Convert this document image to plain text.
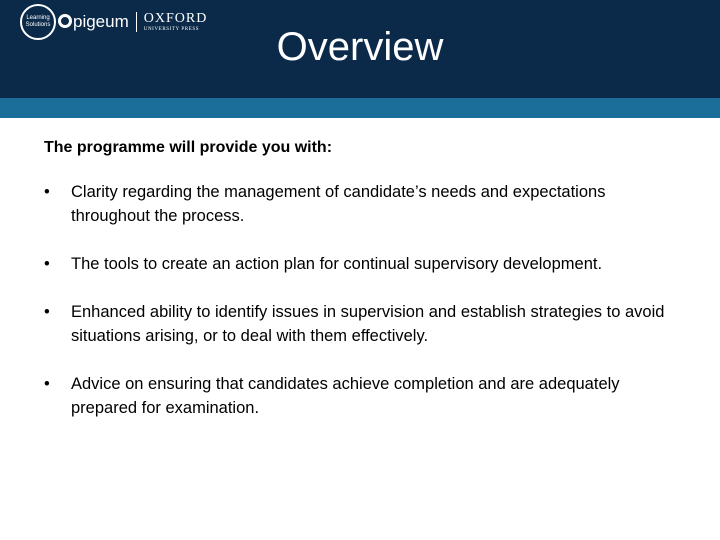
Learning
Solutions	pigeum OXFORD
UNIVERSITY PRESS	Overview

The programme will provide you with:

• Clarity regarding the management of candidate’s needs and expectations throughout the process.
• The tools to create an action plan for continual supervisory development.
• Enhanced ability to identify issues in supervision and establish strategies to avoid situations arising, or to deal with them effectively.
• Advice on ensuring that candidates achieve completion and are adequately prepared for examination.
